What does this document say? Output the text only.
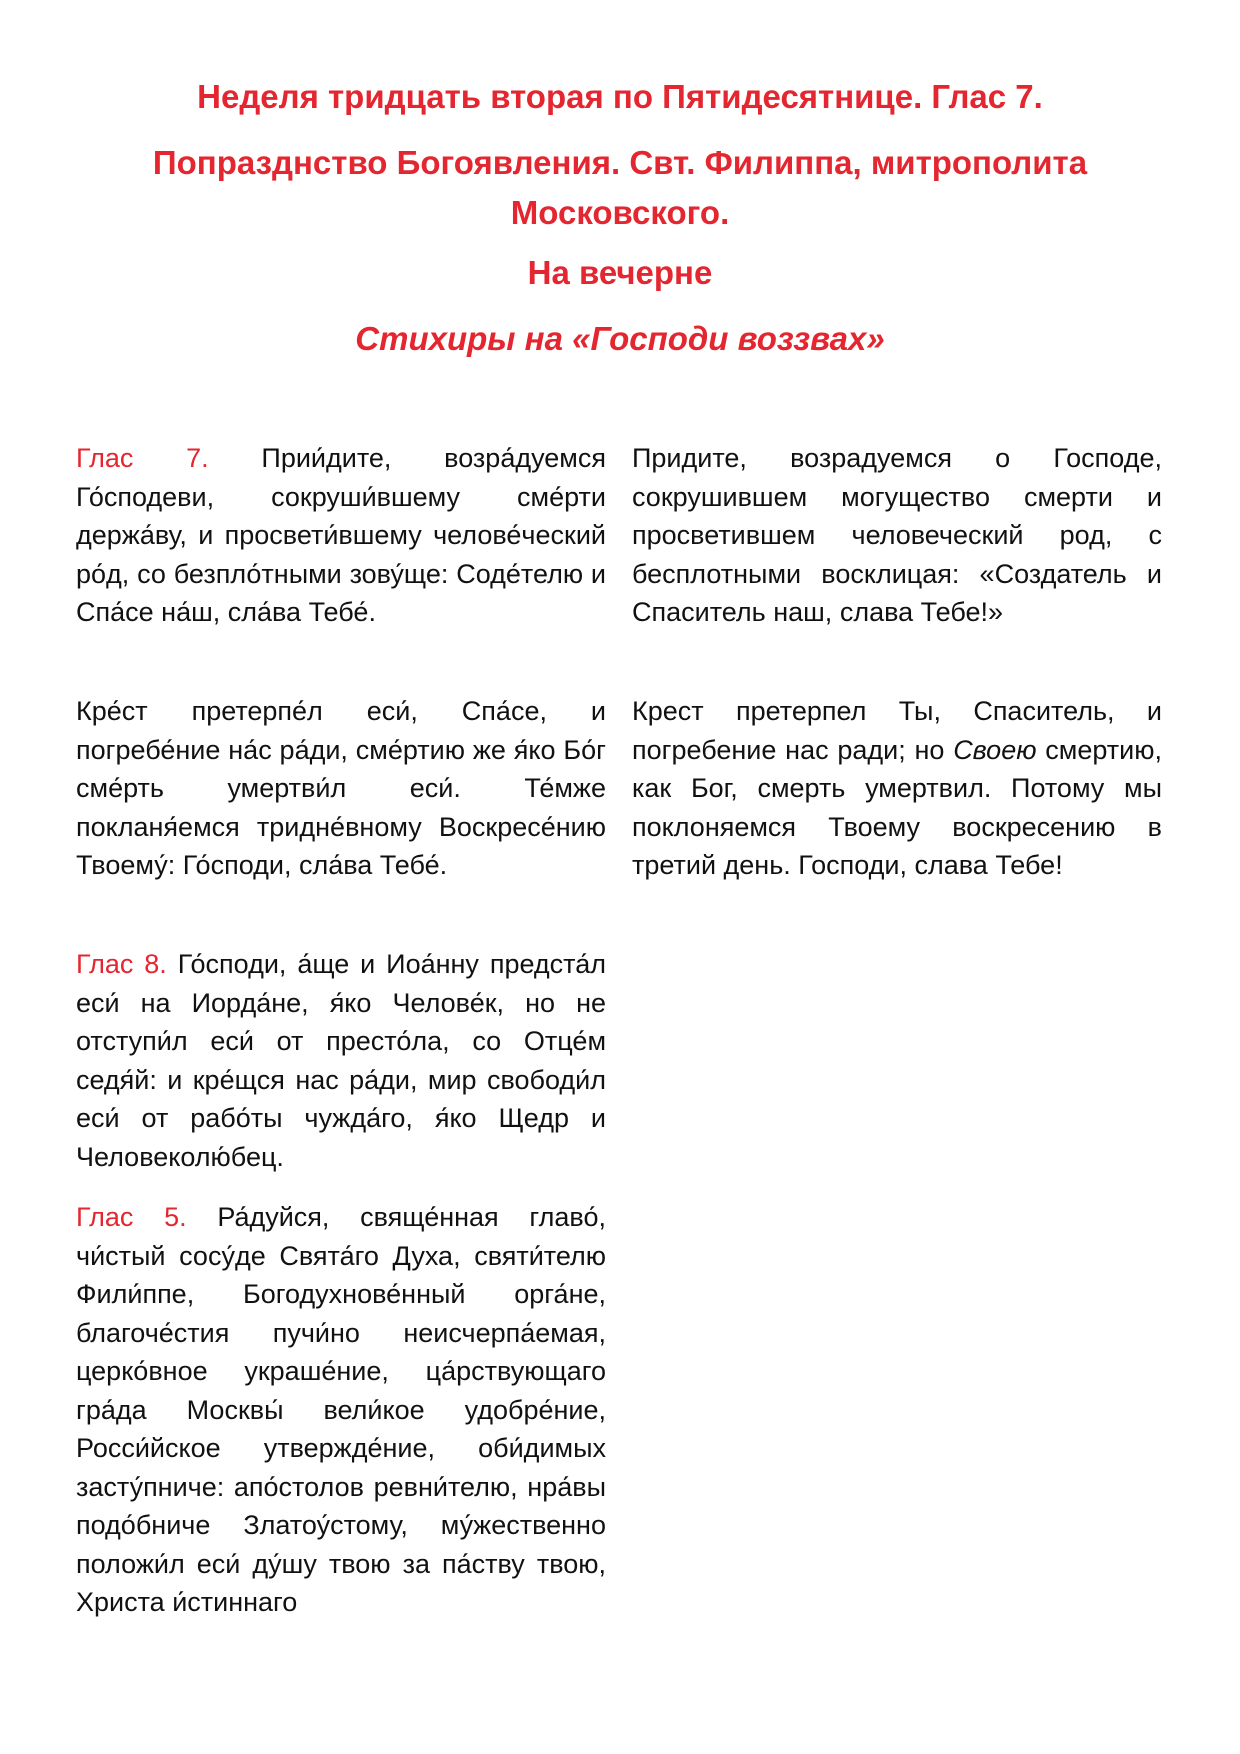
Неделя тридцать вторая по Пятидесятнице. Глас 7.
Попразднство Богоявления. Свт. Филиппа, митрополита Московского.
На вечерне
Стихиры на «Господи воззвах»

Глас 7. Прии́дите, возра́дуемся Го́сподеви, сокруши́вшему сме́рти держа́ву, и просвети́вшему челове́ческий ро́д, со безпло́тными зову́ще: Соде́телю и Спа́се на́ш, сла́ва Тебе́.

Придите, возрадуемся о Господе, сокрушившем могущество смерти и просветившем человеческий род, с бесплотными восклицая: «Создатель и Спаситель наш, слава Тебе!»

Кре́ст претерпе́л еси́, Спа́се, и погребе́ние на́с ра́ди, сме́ртию же я́ко Бо́г сме́рть умертви́л еси́. Те́мже покланя́емся тридне́вному Воскресе́нию Твоему́: Го́споди, сла́ва Тебе́.

Крест претерпел Ты, Спаситель, и погребение нас ради; но Своею смертию, как Бог, смерть умертвил. Потому мы поклоняемся Твоему воскресению в третий день. Господи, слава Тебе!

Глас 8. Го́споди, а́ще и Иоа́нну предста́л еси́ на Иорда́не, я́ко Челове́к, но не отступи́л еси́ от престо́ла, со Отце́м седя́й: и кре́щся нас ра́ди, мир свободи́л еси́ от рабо́ты чужда́го, я́ко Щедр и Человеколю́бец.

Глас 5. Ра́дуйся, свяще́нная главо́, чи́стый сосу́де Свята́го Духа, святи́телю Фили́ппе, Богодухнове́нный орга́не, благоче́стия пучи́но неисчерпа́емая, церко́вное украше́ние, ца́рствующаго гра́да Москвы́ вели́кое удобре́ние, Росси́йское утвержде́ние, оби́димых засту́пниче: апо́столов ревни́телю, нра́вы подо́бниче Златоу́стому, му́жественно положи́л еси́ ду́шу твою за па́ству твою, Христа и́стиннаго
